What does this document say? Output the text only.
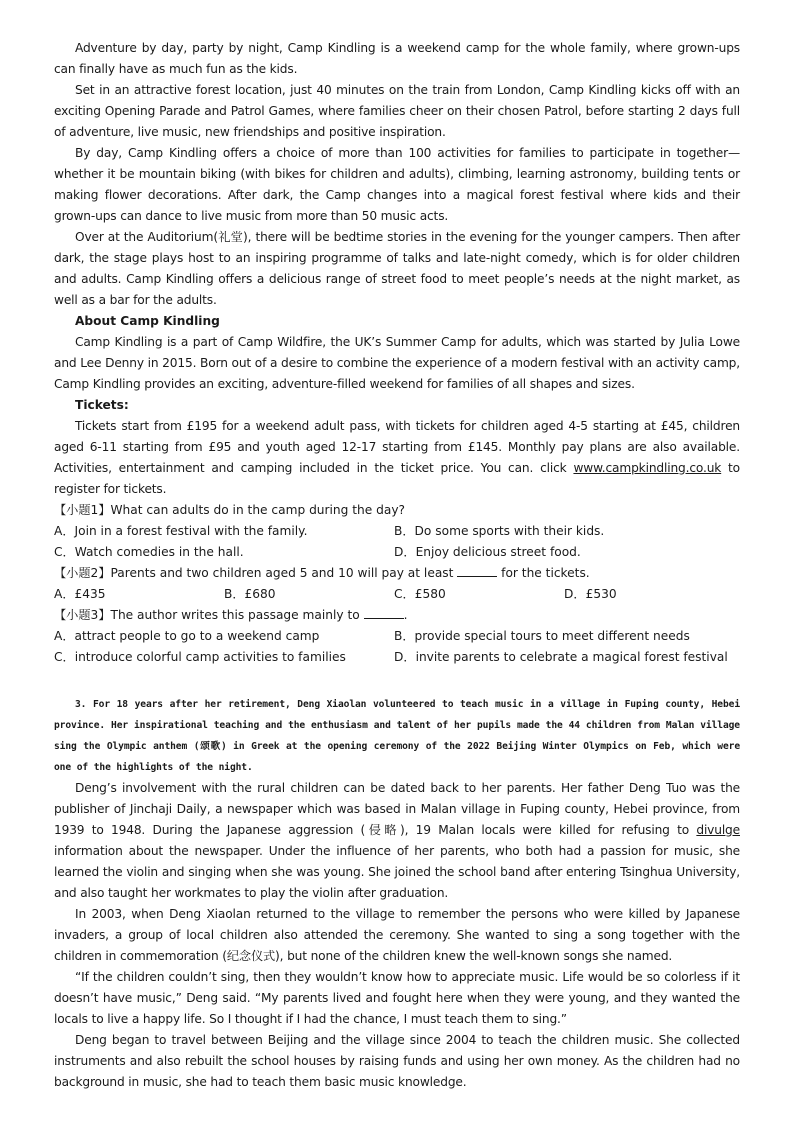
Adventure by day, party by night, Camp Kindling is a weekend camp for the whole family, where grown-ups can finally have as much fun as the kids.

Set in an attractive forest location, just 40 minutes on the train from London, Camp Kindling kicks off with an exciting Opening Parade and Patrol Games, where families cheer on their chosen Patrol, before starting 2 days full of adventure, live music, new friendships and positive inspiration.

By day, Camp Kindling offers a choice of more than 100 activities for families to participate in together—whether it be mountain biking (with bikes for children and adults), climbing, learning astronomy, building tents or making flower decorations. After dark, the Camp changes into a magical forest festival where kids and their grown-ups can dance to live music from more than 50 music acts.

Over at the Auditorium(礼堂), there will be bedtime stories in the evening for the younger campers. Then after dark, the stage plays host to an inspiring programme of talks and late-night comedy, which is for older children and adults. Camp Kindling offers a delicious range of street food to meet people’s needs at the night market, as well as a bar for the adults.

About Camp Kindling

Camp Kindling is a part of Camp Wildfire, the UK’s Summer Camp for adults, which was started by Julia Lowe and Lee Denny in 2015. Born out of a desire to combine the experience of a modern festival with an activity camp, Camp Kindling provides an exciting, adventure-filled weekend for families of all shapes and sizes.

Tickets:

Tickets start from £195 for a weekend adult pass, with tickets for children aged 4-5 starting at £45, children aged 6-11 starting from £95 and youth aged 12-17 starting from £145. Monthly pay plans are also available. Activities, entertainment and camping included in the ticket price. You can. click www.campkindling.co.uk to register for tickets.

【小题1】What can adults do in the camp during the day?

A．Join in a forest festival with the family.	B．Do some sports with their kids.
C．Watch comedies in the hall.	D．Enjoy delicious street food.

【小题2】Parents and two children aged 5 and 10 will pay at least	for the tickets.

A．£435	B．£680	C．£580	D．£530

【小题3】The author writes this passage mainly to	.

A．attract people to go to a weekend camp	B．provide special tours to meet different needs
C．introduce colorful camp activities to families	D．invite parents to celebrate a magical forest festival

3. For 18 years after her retirement, Deng Xiaolan volunteered to teach music in a village in Fuping county, Hebei province. Her inspirational teaching and the enthusiasm and talent of her pupils made the 44 children from Malan village sing the Olympic anthem (颂歌) in Greek at the opening ceremony of the 2022 Beijing Winter Olympics on Feb, which were one of the highlights of the night.

Deng’s involvement with the rural children can be dated back to her parents. Her father Deng Tuo was the publisher of Jinchaji Daily, a newspaper which was based in Malan village in Fuping county, Hebei province, from 1939 to 1948. During the Japanese aggression (侵略), 19 Malan locals were killed for refusing to divulge information about the newspaper. Under the influence of her parents, who both had a passion for music, she learned the violin and singing when she was young. She joined the school band after entering Tsinghua University, and also taught her workmates to play the violin after graduation.

In 2003, when Deng Xiaolan returned to the village to remember the persons who were killed by Japanese invaders, a group of local children also attended the ceremony. She wanted to sing a song together with the children in commemoration (纪念仪式), but none of the children knew the well-known songs she named.

“If the children couldn’t sing, then they wouldn’t know how to appreciate music. Life would be so colorless if it doesn’t have music,” Deng said. “My parents lived and fought here when they were young, and they wanted the locals to live a happy life. So I thought if I had the chance, I must teach them to sing.”

Deng began to travel between Beijing and the village since 2004 to teach the children music. She collected instruments and also rebuilt the school houses by raising funds and using her own money. As the children had no background in music, she had to teach them basic music knowledge.
